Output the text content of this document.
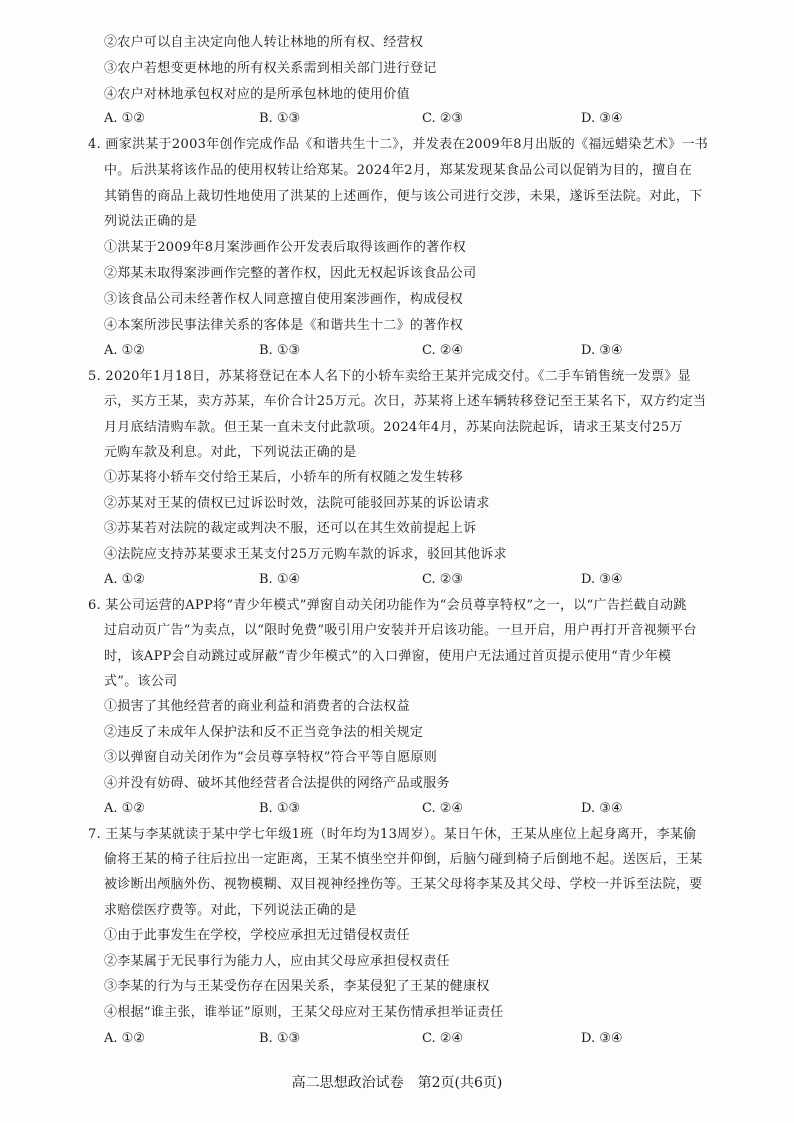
②农户可以自主决定向他人转让林地的所有权、经营权

③农户若想变更林地的所有权关系需到相关部门进行登记

④农户对林地承包权对应的是所承包林地的使用价值

A. ①②	B. ①③	C. ②③	D. ③④

4. 画家洪某于2003年创作完成作品《和谐共生十二》，并发表在2009年8月出版的《福远蜡染艺术》一书

中。后洪某将该作品的使用权转让给郑某。2024年2月，郑某发现某食品公司以促销为目的，擅自在

其销售的商品上裁切性地使用了洪某的上述画作，便与该公司进行交涉，未果，遂诉至法院。对此，下

列说法正确的是

①洪某于2009年8月案涉画作公开发表后取得该画作的著作权

②郑某未取得案涉画作完整的著作权，因此无权起诉该食品公司

③该食品公司未经著作权人同意擅自使用案涉画作，构成侵权

④本案所涉民事法律关系的客体是《和谐共生十二》的著作权

A. ①②	B. ①③	C. ②④	D. ③④

5. 2020年1月18日，苏某将登记在本人名下的小轿车卖给王某并完成交付。《二手车销售统一发票》显

示，买方王某，卖方苏某，车价合计25万元。次日，苏某将上述车辆转移登记至王某名下，双方约定当

月月底结清购车款。但王某一直未支付此款项。2024年4月，苏某向法院起诉，请求王某支付25万

元购车款及利息。对此，下列说法正确的是

①苏某将小轿车交付给王某后，小轿车的所有权随之发生转移

②苏某对王某的债权已过诉讼时效，法院可能驳回苏某的诉讼请求

③苏某若对法院的裁定或判决不服，还可以在其生效前提起上诉

④法院应支持苏某要求王某支付25万元购车款的诉求，驳回其他诉求

A. ①②	B. ①④	C. ②③	D. ③④

6. 某公司运营的APP将“青少年模式”弹窗自动关闭功能作为“会员尊享特权”之一，以“广告拦截自动跳

过启动页广告”为卖点，以“限时免费”吸引用户安装并开启该功能。一旦开启，用户再打开音视频平台

时，该APP会自动跳过或屏蔽“青少年模式”的入口弹窗，使用户无法通过首页提示使用“青少年模

式”。该公司

①损害了其他经营者的商业利益和消费者的合法权益

②违反了未成年人保护法和反不正当竞争法的相关规定

③以弹窗自动关闭作为“会员尊享特权”符合平等自愿原则

④并没有妨碍、破坏其他经营者合法提供的网络产品或服务

A. ①②	B. ①③	C. ②④	D. ③④

7. 王某与李某就读于某中学七年级1班（时年均为13周岁）。某日午休，王某从座位上起身离开，李某偷

偷将王某的椅子往后拉出一定距离，王某不慎坐空并仰倒，后脑勺碰到椅子后倒地不起。送医后，王某

被诊断出颅脑外伤、视物模糊、双目视神经挫伤等。王某父母将李某及其父母、学校一并诉至法院，要

求赔偿医疗费等。对此，下列说法正确的是

①由于此事发生在学校，学校应承担无过错侵权责任

②李某属于无民事行为能力人，应由其父母应承担侵权责任

③李某的行为与王某受伤存在因果关系，李某侵犯了王某的健康权

④根据“谁主张，谁举证”原则，王某父母应对王某伤情承担举证责任

A. ①②	B. ①③	C. ②④	D. ③④
高二思想政治试卷　第2页(共6页)
